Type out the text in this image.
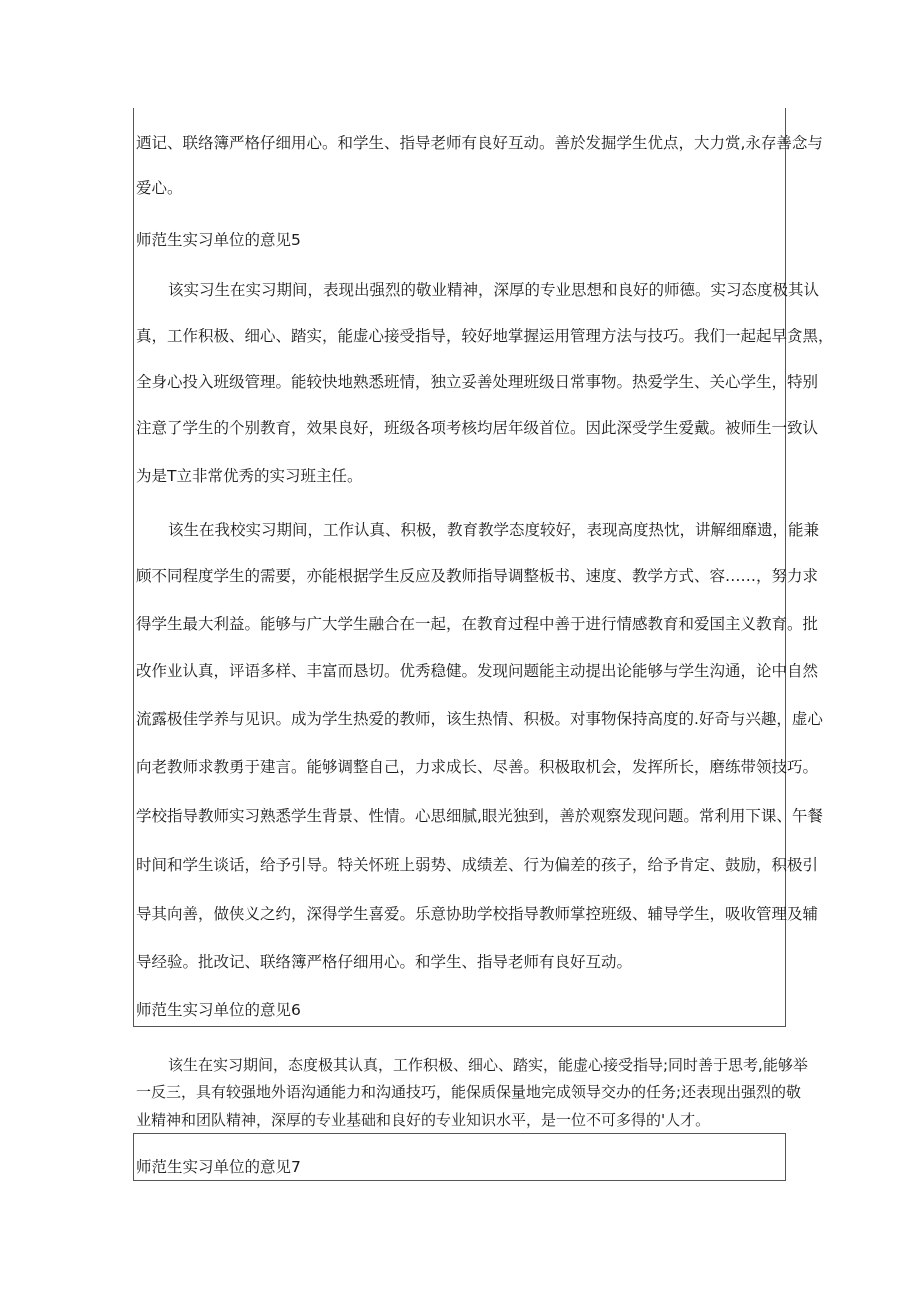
迺记、联络簿严格仔细用心。和学生、指导老师有良好互动。善於发掘学生优点，大力赏,永存善念与
爱心。
师范生实习单位的意见5
该实习生在实习期间，表现出强烈的敬业精神，深厚的专业思想和良好的师德。实习态度极其认
真，工作积极、细心、踏实，能虚心接受指导，较好地掌握运用管理方法与技巧。我们一起起早贪黑，
全身心投入班级管理。能较快地熟悉班情，独立妥善处理班级日常事物。热爱学生、关心学生，特别
注意了学生的个别教育，效果良好，班级各项考核均居年级首位。因此深受学生爱戴。被师生一致认
为是T立非常优秀的实习班主任。
该生在我校实习期间，工作认真、积极，教育教学态度较好，表现高度热忱，讲解细靡遗，能兼
顾不同程度学生的需要，亦能根据学生反应及教师指导调整板书、速度、教学方式、容……，努力求
得学生最大利益。能够与广大学生融合在一起，在教育过程中善于进行情感教育和爱国主义教育。批
改作业认真，评语多样、丰富而恳切。优秀稳健。发现问题能主动提出论能够与学生沟通，论中自然
流露极佳学养与见识。成为学生热爱的教师，该生热情、积极。对事物保持高度的.好奇与兴趣，虚心
向老教师求教勇于建言。能够调整自己，力求成长、尽善。积极取机会，发挥所长，磨练带领技巧。
学校指导教师实习熟悉学生背景、性情。心思细腻,眼光独到，善於观察发现问题。常利用下课、午餐
时间和学生谈话，给予引导。特关怀班上弱势、成绩差、行为偏差的孩子，给予肯定、鼓励，积极引
导其向善，做侠义之约，深得学生喜爱。乐意协助学校指导教师掌控班级、辅导学生，吸收管理及辅
导经验。批改记、联络簿严格仔细用心。和学生、指导老师有良好互动。
师范生实习单位的意见6
该生在实习期间，态度极其认真，工作积极、细心、踏实，能虚心接受指导;同时善于思考,能够举
一反三，具有较强地外语沟通能力和沟通技巧，能保质保量地完成领导交办的任务;还表现出强烈的敬
业精神和团队精神，深厚的专业基础和良好的专业知识水平，是一位不可多得的'人才。
师范生实习单位的意见7
